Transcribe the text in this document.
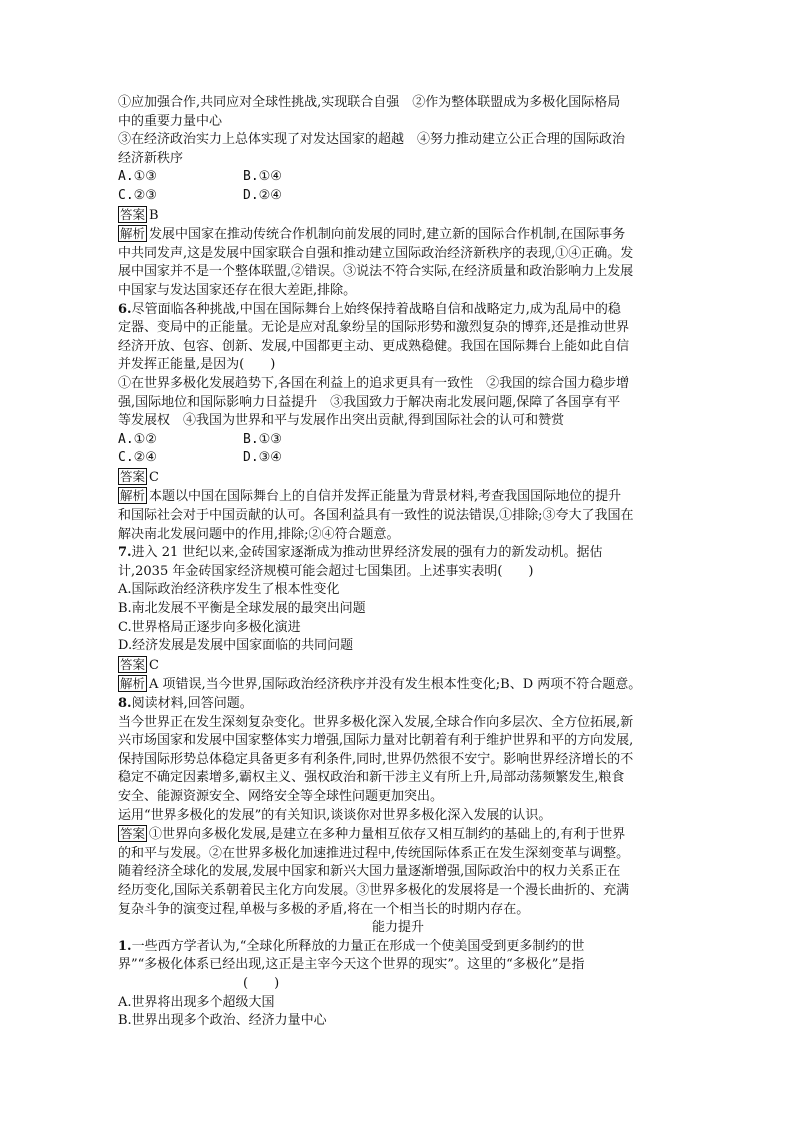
①应加强合作,共同应对全球性挑战,实现联合自强　②作为整体联盟成为多极化国际格局
中的重要力量中心
③在经济政治实力上总体实现了对发达国家的超越　④努力推动建立公正合理的国际政治
经济新秩序
A.①③	B.①④
C.②③	D.②④
答案 B
解析 发展中国家在推动传统合作机制向前发展的同时,建立新的国际合作机制,在国际事务
中共同发声,这是发展中国家联合自强和推动建立国际政治经济新秩序的表现,①④正确。发
展中国家并不是一个整体联盟,②错误。③说法不符合实际,在经济质量和政治影响力上发展
中国家与发达国家还存在很大差距,排除。
6.尽管面临各种挑战,中国在国际舞台上始终保持着战略自信和战略定力,成为乱局中的稳
定器、变局中的正能量。无论是应对乱象纷呈的国际形势和激烈复杂的博弈,还是推动世界
经济开放、包容、创新、发展,中国都更主动、更成熟稳健。我国在国际舞台上能如此自信
并发挥正能量,是因为(　　)
①在世界多极化发展趋势下,各国在利益上的追求更具有一致性　②我国的综合国力稳步增
强,国际地位和国际影响力日益提升　③我国致力于解决南北发展问题,保障了各国享有平
等发展权　④我国为世界和平与发展作出突出贡献,得到国际社会的认可和赞赏
A.①②	B.①③
C.②④	D.③④
答案 C
解析 本题以中国在国际舞台上的自信并发挥正能量为背景材料,考查我国国际地位的提升
和国际社会对于中国贡献的认可。各国利益具有一致性的说法错误,①排除;③夸大了我国在
解决南北发展问题中的作用,排除;②④符合题意。
7.进入 21 世纪以来,金砖国家逐渐成为推动世界经济发展的强有力的新发动机。据估
计,2035 年金砖国家经济规模可能会超过七国集团。上述事实表明(　　)
A.国际政治经济秩序发生了根本性变化
B.南北发展不平衡是全球发展的最突出问题
C.世界格局正逐步向多极化演进
D.经济发展是发展中国家面临的共同问题
答案 C
解析 A 项错误,当今世界,国际政治经济秩序并没有发生根本性变化;B、D 两项不符合题意。
8.阅读材料,回答问题。
当今世界正在发生深刻复杂变化。世界多极化深入发展,全球合作向多层次、全方位拓展,新
兴市场国家和发展中国家整体实力增强,国际力量对比朝着有利于维护世界和平的方向发展,
保持国际形势总体稳定具备更多有利条件,同时,世界仍然很不安宁。影响世界经济增长的不
稳定不确定因素增多,霸权主义、强权政治和新干涉主义有所上升,局部动荡频繁发生,粮食
安全、能源资源安全、网络安全等全球性问题更加突出。
运用“世界多极化的发展”的有关知识,谈谈你对世界多极化深入发展的认识。
答案 ①世界向多极化发展,是建立在多种力量相互依存又相互制约的基础上的,有利于世界
的和平与发展。②在世界多极化加速推进过程中,传统国际体系正在发生深刻变革与调整。
随着经济全球化的发展,发展中国家和新兴大国力量逐渐增强,国际政治中的权力关系正在
经历变化,国际关系朝着民主化方向发展。③世界多极化的发展将是一个漫长曲折的、充满
复杂斗争的演变过程,单极与多极的矛盾,将在一个相当长的时期内存在。
能力提升
1.一些西方学者认为,“全球化所释放的力量正在形成一个使美国受到更多制约的世
界”“多极化体系已经出现,这正是主宰今天这个世界的现实”。这里的“多极化”是指
(　　)
A.世界将出现多个超级大国
B.世界出现多个政治、经济力量中心
